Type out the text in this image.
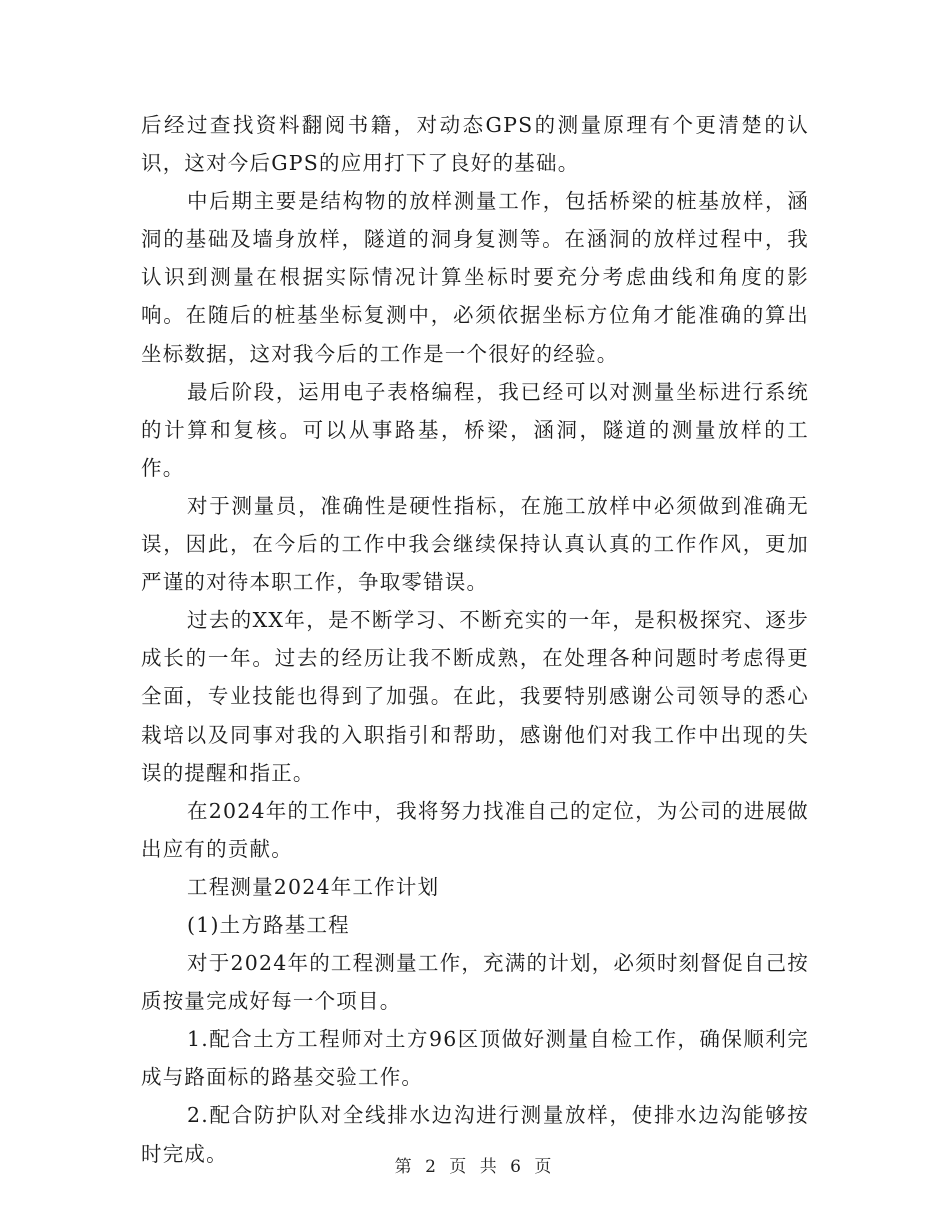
后经过查找资料翻阅书籍，对动态GPS的测量原理有个更清楚的认识，这对今后GPS的应用打下了良好的基础。

中后期主要是结构物的放样测量工作，包括桥梁的桩基放样，涵洞的基础及墙身放样，隧道的洞身复测等。在涵洞的放样过程中，我认识到测量在根据实际情况计算坐标时要充分考虑曲线和角度的影响。在随后的桩基坐标复测中，必须依据坐标方位角才能准确的算出坐标数据，这对我今后的工作是一个很好的经验。

最后阶段，运用电子表格编程，我已经可以对测量坐标进行系统的计算和复核。可以从事路基，桥梁，涵洞，隧道的测量放样的工作。

对于测量员，准确性是硬性指标，在施工放样中必须做到准确无误，因此，在今后的工作中我会继续保持认真认真的工作作风，更加严谨的对待本职工作，争取零错误。

过去的XX年，是不断学习、不断充实的一年，是积极探究、逐步成长的一年。过去的经历让我不断成熟，在处理各种问题时考虑得更全面，专业技能也得到了加强。在此，我要特别感谢公司领导的悉心栽培以及同事对我的入职指引和帮助，感谢他们对我工作中出现的失误的提醒和指正。

在2024年的工作中，我将努力找准自己的定位，为公司的进展做出应有的贡献。

工程测量2024年工作计划

(1)土方路基工程

对于2024年的工程测量工作，充满的计划，必须时刻督促自己按质按量完成好每一个项目。

1.配合土方工程师对土方96区顶做好测量自检工作，确保顺利完成与路面标的路基交验工作。

2.配合防护队对全线排水边沟进行测量放样，使排水边沟能够按时完成。

第 2 页 共 6 页
